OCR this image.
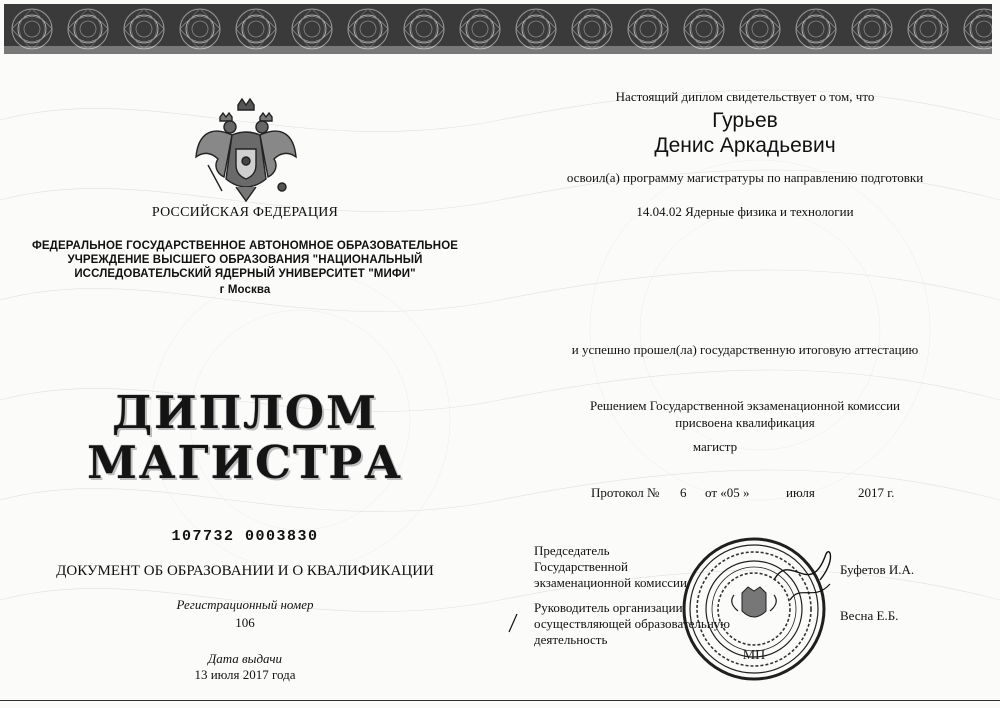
РОССИЙСКАЯ ФЕДЕРАЦИЯ
ФЕДЕРАЛЬНОЕ ГОСУДАРСТВЕННОЕ АВТОНОМНОЕ ОБРАЗОВАТЕЛЬНОЕ
УЧРЕЖДЕНИЕ ВЫСШЕГО ОБРАЗОВАНИЯ "НАЦИОНАЛЬНЫЙ
ИССЛЕДОВАТЕЛЬСКИЙ ЯДЕРНЫЙ УНИВЕРСИТЕТ "МИФИ"
г Москва
ДИПЛОМ
МАГИСТРА
107732 0003830
ДОКУМЕНТ ОБ ОБРАЗОВАНИИ И О КВАЛИФИКАЦИИ
Регистрационный номер
106
Дата выдачи
13 июля 2017 года
Настоящий диплом свидетельствует о том, что
Гурьев
Денис Аркадьевич
освоил(а) программу магистратуры по направлению подготовки
14.04.02 Ядерные физика и технологии
и успешно прошел(ла) государственную итоговую аттестацию
Решением Государственной экзаменационной комиссии
присвоена квалификация
магистр
Протокол № 6 от «05 »	июля	2017 г.
Председатель
Государственной
экзаменационной комиссии
Буфетов И.А.
Руководитель организации,
осуществляющей образовательную
деятельность
Весна Е.Б.
МП
